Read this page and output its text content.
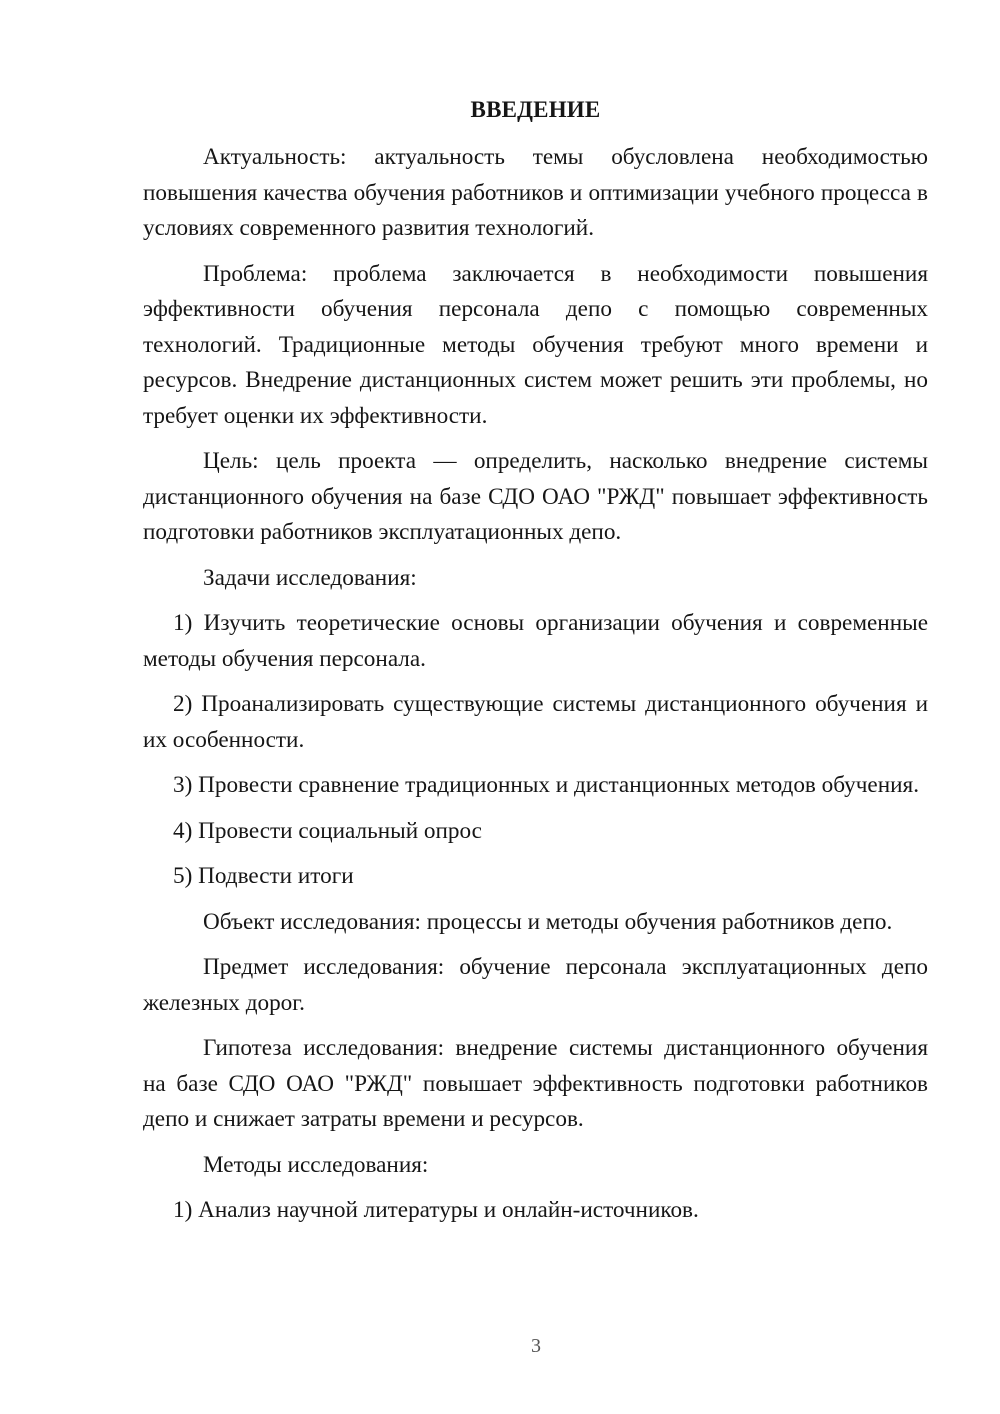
ВВЕДЕНИЕ
Актуальность: актуальность темы обусловлена необходимостью повышения качества обучения работников и оптимизации учебного процесса в условиях современного развития технологий.
Проблема: проблема заключается в необходимости повышения эффективности обучения персонала депо с помощью современных технологий. Традиционные методы обучения требуют много времени и ресурсов. Внедрение дистанционных систем может решить эти проблемы, но требует оценки их эффективности.
Цель: цель проекта — определить, насколько внедрение системы дистанционного обучения на базе СДО ОАО "РЖД" повышает эффективность подготовки работников эксплуатационных депо.
Задачи исследования:
1) Изучить теоретические основы организации обучения и современные методы обучения персонала.
2) Проанализировать существующие системы дистанционного обучения и их особенности.
3) Провести сравнение традиционных и дистанционных методов обучения.
4) Провести социальный опрос
5) Подвести итоги
Объект исследования: процессы и методы обучения работников депо.
Предмет исследования: обучение персонала эксплуатационных депо железных дорог.
Гипотеза исследования: внедрение системы дистанционного обучения на базе СДО ОАО "РЖД" повышает эффективность подготовки работников депо и снижает затраты времени и ресурсов.
Методы исследования:
1) Анализ научной литературы и онлайн-источников.
3
